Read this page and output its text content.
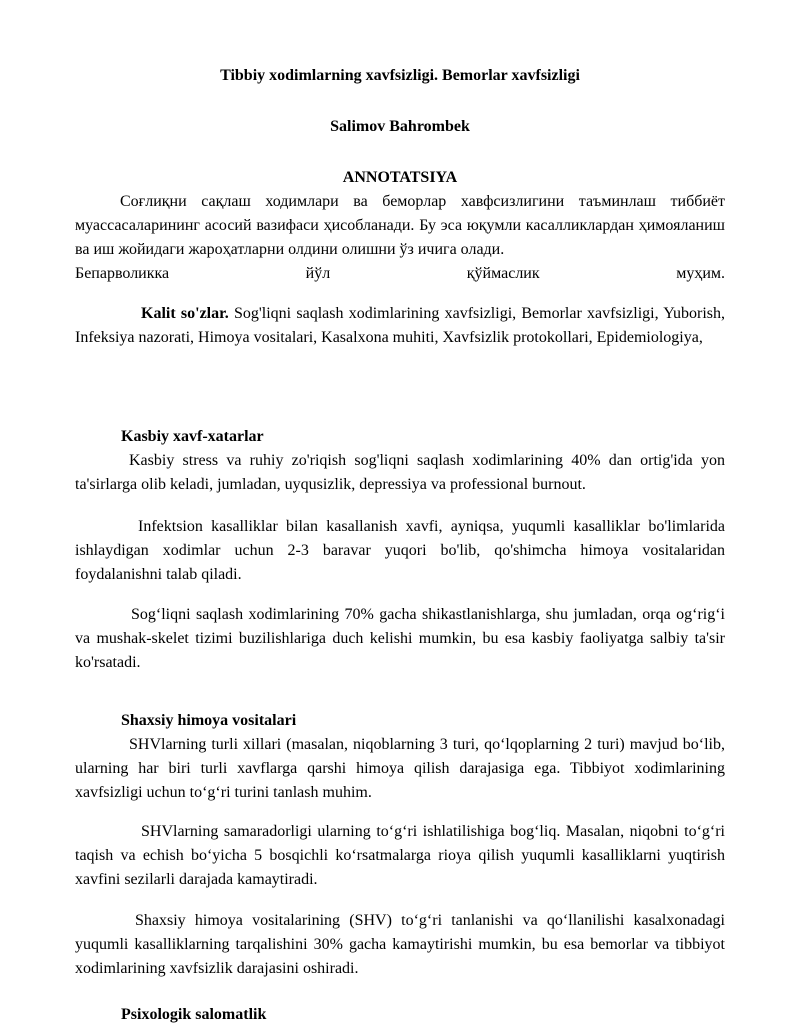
Tibbiy xodimlarning xavfsizligi. Bemorlar xavfsizligi

Salimov Bahrombek

ANNOTATSIYA

Соғлиқни сақлаш ходимлари ва беморлар хавфсизлигини таъминлаш тиббиёт муассасаларининг асосий вазифаси ҳисобланади. Бу эса юқумли касалликлардан ҳимояланиш ва иш жойидаги жароҳатларни олдини олишни ўз ичига олади.

Бепарволикка йўл қўймаслик муҳим.

Kalit so'zlar. Sog'liqni saqlash xodimlarining xavfsizligi, Bemorlar xavfsizligi, Yuborish, Infeksiya nazorati, Himoya vositalari, Kasalxona muhiti, Xavfsizlik protokollari, Epidemiologiya,

Kasbiy xavf-xatarlar

Kasbiy stress va ruhiy zo'riqish sog'liqni saqlash xodimlarining 40% dan ortig'ida yon ta'sirlarga olib keladi, jumladan, uyqusizlik, depressiya va professional burnout.

Infektsion kasalliklar bilan kasallanish xavfi, ayniqsa, yuqumli kasalliklar bo'limlarida ishlaydigan xodimlar uchun 2-3 baravar yuqori bo'lib, qo'shimcha himoya vositalaridan foydalanishni talab qiladi.

Sog‘liqni saqlash xodimlarining 70% gacha shikastlanishlarga, shu jumladan, orqa og‘rig‘i va mushak-skelet tizimi buzilishlariga duch kelishi mumkin, bu esa kasbiy faoliyatga salbiy ta'sir ko'rsatadi.

Shaxsiy himoya vositalari

SHVlarning turli xillari (masalan, niqoblarning 3 turi, qo‘lqoplarning 2 turi) mavjud bo‘lib, ularning har biri turli xavflarga qarshi himoya qilish darajasiga ega. Tibbiyot xodimlarining xavfsizligi uchun to‘g‘ri turini tanlash muhim.

SHVlarning samaradorligi ularning to‘g‘ri ishlatilishiga bog‘liq. Masalan, niqobni to‘g‘ri taqish va echish bo‘yicha 5 bosqichli ko‘rsatmalarga rioya qilish yuqumli kasalliklarni yuqtirish xavfini sezilarli darajada kamaytiradi.

Shaxsiy himoya vositalarining (SHV) to‘g‘ri tanlanishi va qo‘llanilishi kasalxonadagi yuqumli kasalliklarning tarqalishini 30% gacha kamaytirishi mumkin, bu esa bemorlar va tibbiyot xodimlarining xavfsizlik darajasini oshiradi.

Psixologik salomatlik
